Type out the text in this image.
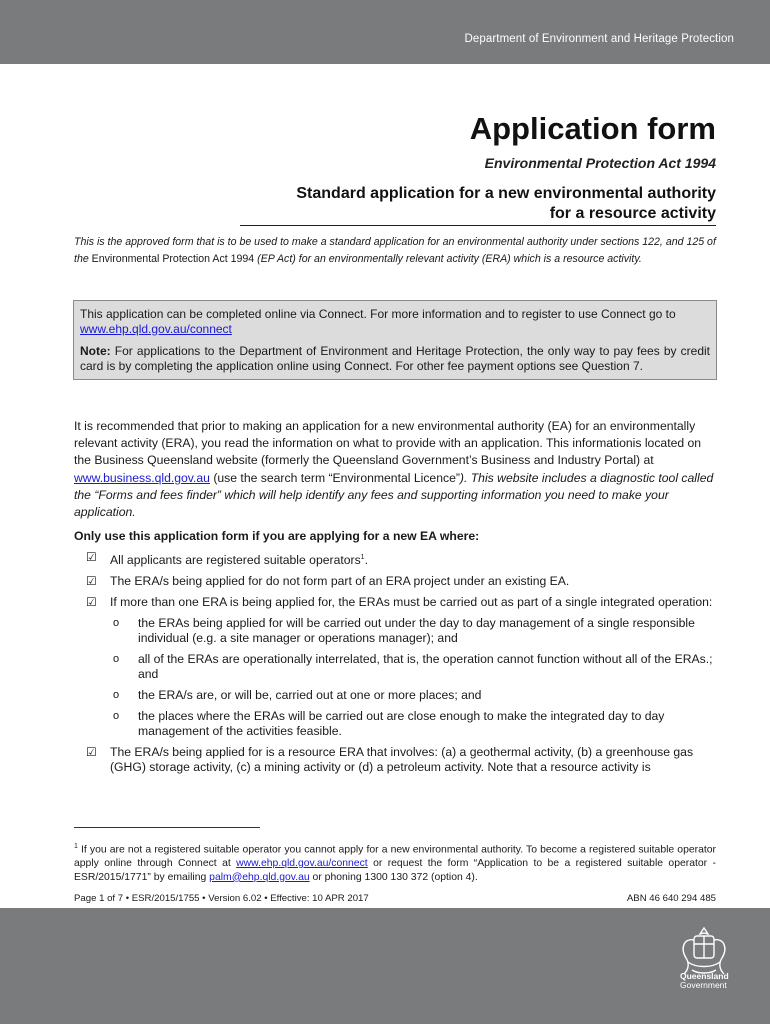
Department of Environment and Heritage Protection
Application form
Environmental Protection Act 1994
Standard application for a new environmental authority
for a resource activity
This is the approved form that is to be used to make a standard application for an environmental authority under sections 122, and 125 of the Environmental Protection Act 1994 (EP Act) for an environmentally relevant activity (ERA) which is a resource activity.

This application can be completed online via Connect. For more information and to register to use Connect go to www.ehp.qld.gov.au/connect

Note: For applications to the Department of Environment and Heritage Protection, the only way to pay fees by credit card is by completing the application online using Connect. For other fee payment options see Question 7.

It is recommended that prior to making an application for a new environmental authority (EA) for an environmentally relevant activity (ERA), you read the information on what to provide with an application. This informationis located on the Business Queensland website (formerly the Queensland Government’s Business and Industry Portal) at www.business.qld.gov.au (use the search term “Environmental Licence”). This website includes a diagnostic tool called the “Forms and fees finder” which will help identify any fees and supporting information you need to make your application.
Only use this application form if you are applying for a new EA where:
☑ All applicants are registered suitable operators$^1$.
☑ The ERA/s being applied for do not form part of an ERA project under an existing EA.
☑ If more than one ERA is being applied for, the ERAs must be carried out as part of a single integrated operation:
o the ERAs being applied for will be carried out under the day to day management of a single responsible individual (e.g. a site manager or operations manager); and
o all of the ERAs are operationally interrelated, that is, the operation cannot function without all of the ERAs.; and
o the ERA/s are, or will be, carried out at one or more places; and
o the places where the ERAs will be carried out are close enough to make the integrated day to day management of the activities feasible.
☑ The ERA/s being applied for is a resource ERA that involves: (a) a geothermal activity, (b) a greenhouse gas (GHG) storage activity, (c) a mining activity or (d) a petroleum activity. Note that a resource activity is
$^1$ If you are not a registered suitable operator you cannot apply for a new environmental authority. To become a registered suitable operator apply online through Connect at www.ehp.qld.gov.au/connect or request the form “Application to be a registered suitable operator - ESR/2015/1771” by emailing palm@ehp.qld.gov.au or phoning 1300 130 372 (option 4).
Page 1 of 7 • ESR/2015/1755 • Version 6.02 • Effective: 10 APR 2017	ABN 46 640 294 485
Queensland
Government
